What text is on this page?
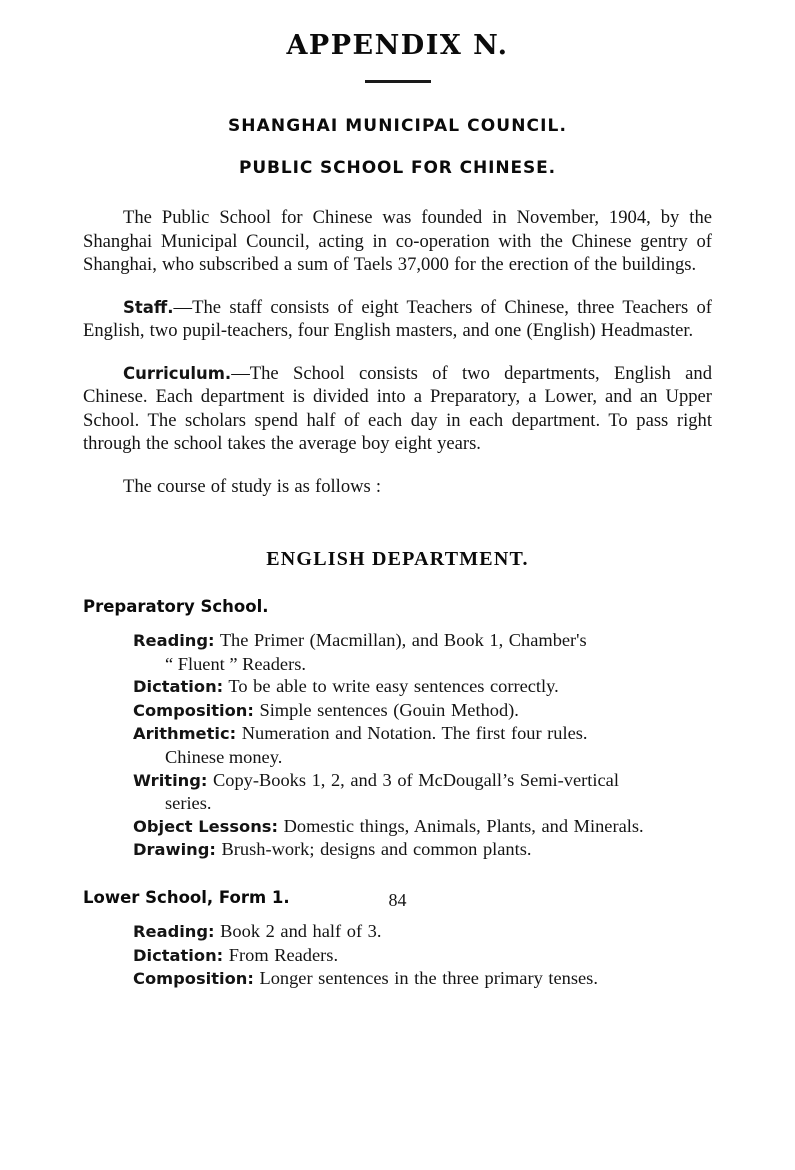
APPENDIX N.
SHANGHAI MUNICIPAL COUNCIL.
PUBLIC SCHOOL FOR CHINESE.

The Public School for Chinese was founded in November, 1904, by the Shanghai Municipal Council, acting in co-operation with the Chinese gentry of Shanghai, who subscribed a sum of Taels 37,000 for the erection of the buildings.

Staff.—The staff consists of eight Teachers of Chinese, three Teachers of English, two pupil-teachers, four English masters, and one (English) Headmaster.

Curriculum.—The School consists of two departments, English and Chinese. Each department is divided into a Preparatory, a Lower, and an Upper School. The scholars spend half of each day in each department. To pass right through the school takes the average boy eight years.

The course of study is as follows :

ENGLISH DEPARTMENT.
Preparatory School.
Reading: The Primer (Macmillan), and Book 1, Chamber's
“ Fluent ” Readers.
Dictation: To be able to write easy sentences correctly.
Composition: Simple sentences (Gouin Method).
Arithmetic: Numeration and Notation. The first four rules.
Chinese money.
Writing: Copy-Books 1, 2, and 3 of McDougall’s Semi-vertical
series.
Object Lessons: Domestic things, Animals, Plants, and Minerals.
Drawing: Brush-work; designs and common plants.
Lower School, Form 1.
Reading: Book 2 and half of 3.
Dictation: From Readers.
Composition: Longer sentences in the three primary tenses.
84
